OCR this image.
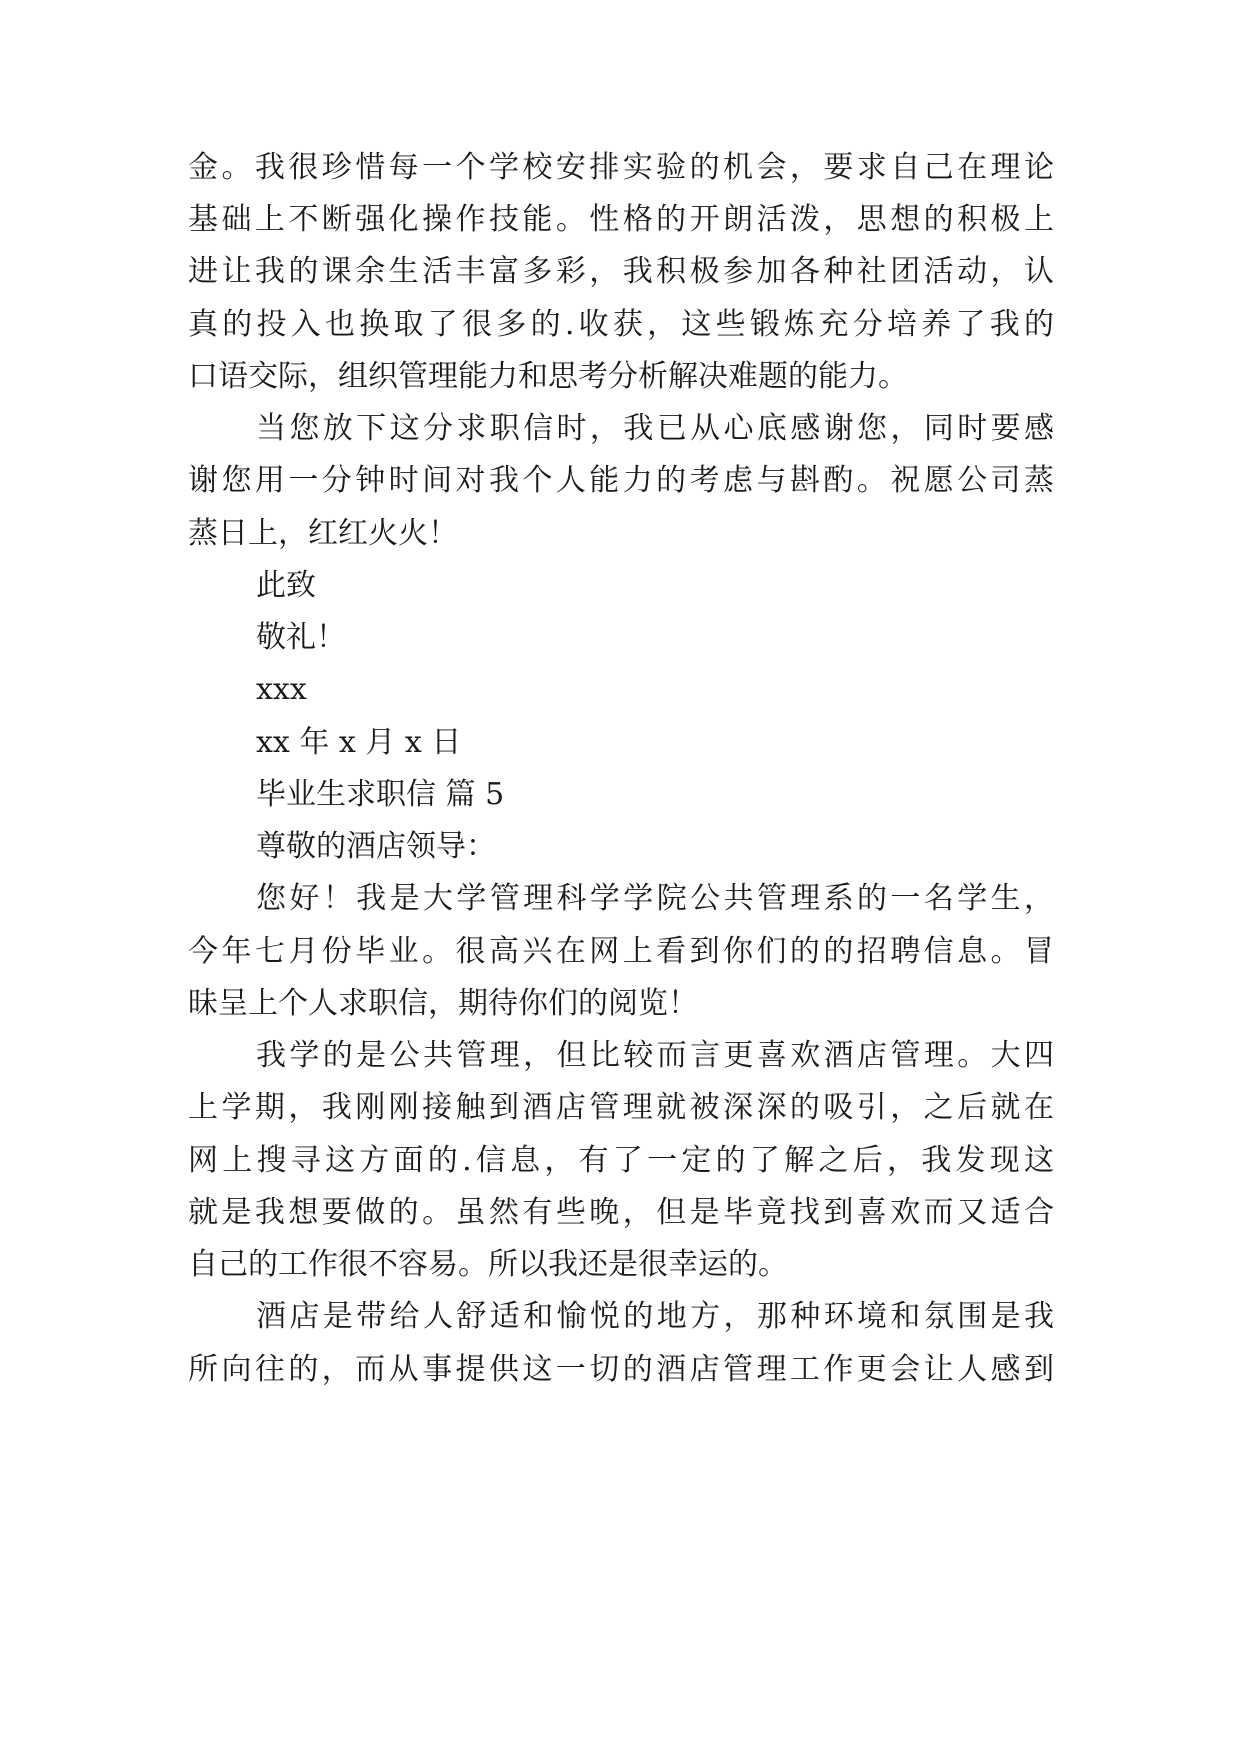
金。我很珍惜每一个学校安排实验的机会，要求自己在理论
基础上不断强化操作技能。性格的开朗活泼，思想的积极上
进让我的课余生活丰富多彩，我积极参加各种社团活动，认
真的投入也换取了很多的.收获，这些锻炼充分培养了我的
口语交际，组织管理能力和思考分析解决难题的能力。
当您放下这分求职信时，我已从心底感谢您，同时要感
谢您用一分钟时间对我个人能力的考虑与斟酌。祝愿公司蒸
蒸日上，红红火火！
此致
敬礼！
xxx
xx 年 x 月 x 日
毕业生求职信 篇 5
尊敬的酒店领导：
您好！我是大学管理科学学院公共管理系的一名学生，
今年七月份毕业。很高兴在网上看到你们的的招聘信息。冒
昧呈上个人求职信，期待你们的阅览！
我学的是公共管理，但比较而言更喜欢酒店管理。大四
上学期，我刚刚接触到酒店管理就被深深的吸引，之后就在
网上搜寻这方面的.信息，有了一定的了解之后，我发现这
就是我想要做的。虽然有些晚，但是毕竟找到喜欢而又适合
自己的工作很不容易。所以我还是很幸运的。
酒店是带给人舒适和愉悦的地方，那种环境和氛围是我
所向往的，而从事提供这一切的酒店管理工作更会让人感到
